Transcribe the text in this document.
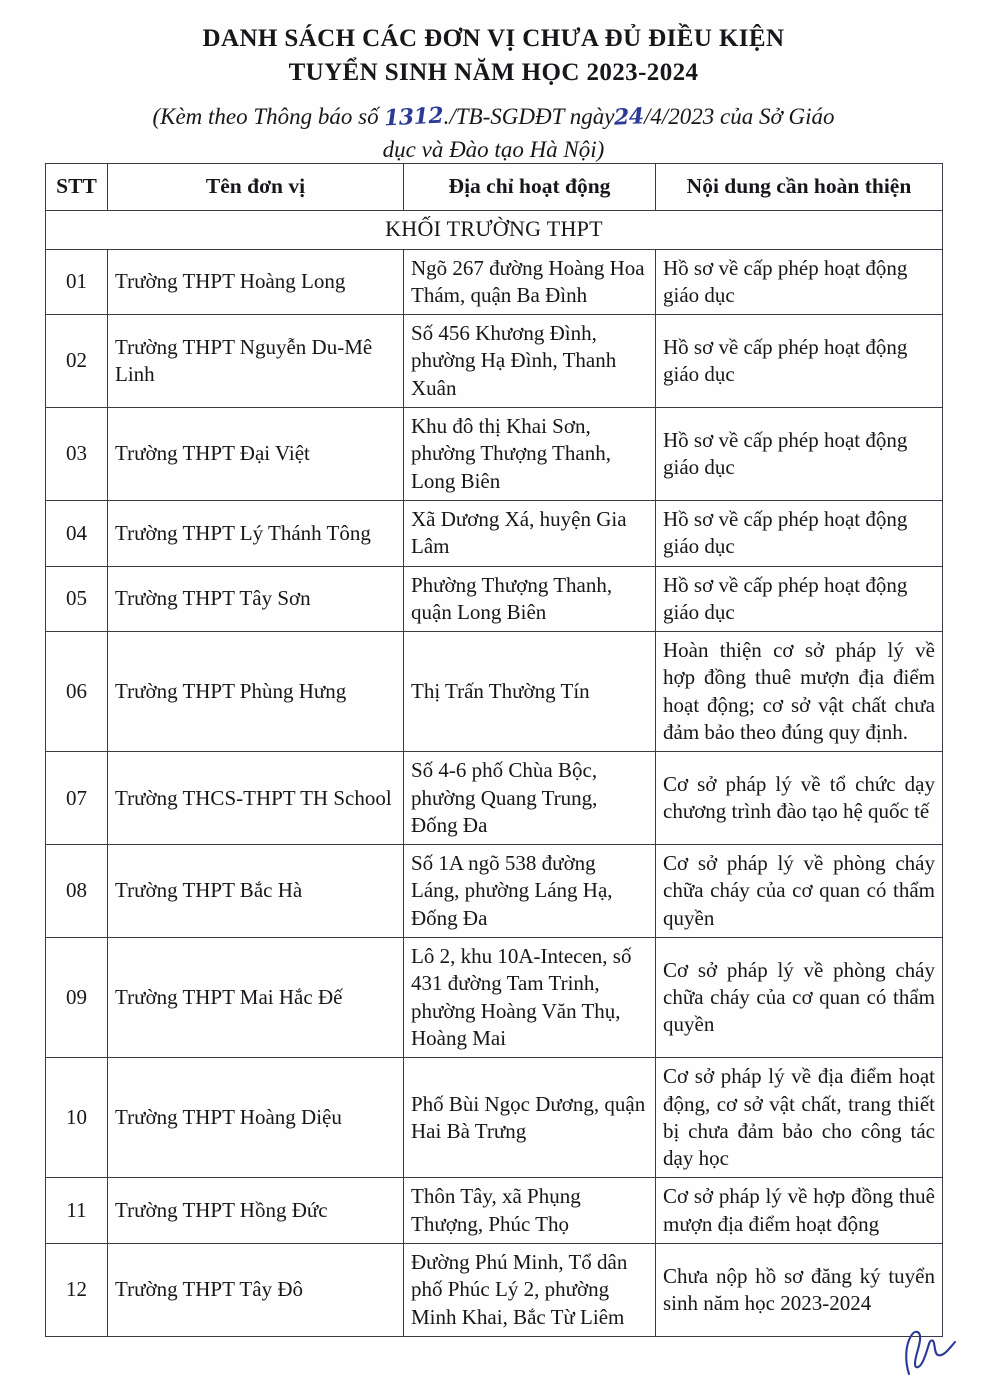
DANH SÁCH CÁC ĐƠN VỊ CHƯA ĐỦ ĐIỀU KIỆN
TUYỂN SINH NĂM HỌC 2023-2024
(Kèm theo Thông báo số 1312./TB-SGDĐT ngày24/4/2023 của Sở Giáo
dục và Đào tạo Hà Nội)
STT	Tên đơn vị	Địa chỉ hoạt động	Nội dung cần hoàn thiện
KHỐI TRƯỜNG THPT			
01	Trường THPT Hoàng Long	Ngõ 267 đường Hoàng Hoa Thám, quận Ba Đình	Hồ sơ về cấp phép hoạt động giáo dục
02	Trường THPT Nguyễn Du-Mê Linh	Số 456 Khương Đình, phường Hạ Đình, Thanh Xuân	Hồ sơ về cấp phép hoạt động giáo dục
03	Trường THPT Đại Việt	Khu đô thị Khai Sơn, phường Thượng Thanh, Long Biên	Hồ sơ về cấp phép hoạt động giáo dục
04	Trường THPT Lý Thánh Tông	Xã Dương Xá, huyện Gia Lâm	Hồ sơ về cấp phép hoạt động giáo dục
05	Trường THPT Tây Sơn	Phường Thượng Thanh, quận Long Biên	Hồ sơ về cấp phép hoạt động giáo dục
06	Trường THPT Phùng Hưng	Thị Trấn Thường Tín	Hoàn thiện cơ sở pháp lý về hợp đồng thuê mượn địa điểm hoạt động; cơ sở vật chất chưa đảm bảo theo đúng quy định.
07	Trường THCS-THPT TH School	Số 4-6 phố Chùa Bộc, phường Quang Trung, Đống Đa	Cơ sở pháp lý về tổ chức dạy chương trình đào tạo hệ quốc tế
08	Trường THPT Bắc Hà	Số 1A ngõ 538 đường Láng, phường Láng Hạ, Đống Đa	Cơ sở pháp lý về phòng cháy chữa cháy của cơ quan có thẩm quyền
09	Trường THPT Mai Hắc Đế	Lô 2, khu 10A-Intecen, số 431 đường Tam Trinh, phường Hoàng Văn Thụ, Hoàng Mai	Cơ sở pháp lý về phòng cháy chữa cháy của cơ quan có thẩm quyền
10	Trường THPT Hoàng Diệu	Phố Bùi Ngọc Dương, quận Hai Bà Trưng	Cơ sở pháp lý về địa điểm hoạt động, cơ sở vật chất, trang thiết bị chưa đảm bảo cho công tác dạy học
11	Trường THPT Hồng Đức	Thôn Tây, xã Phụng Thượng, Phúc Thọ	Cơ sở pháp lý về hợp đồng thuê mượn địa điểm hoạt động
12	Trường THPT Tây Đô	Đường Phú Minh, Tổ dân phố Phúc Lý 2, phường Minh Khai, Bắc Từ Liêm	Chưa nộp hồ sơ đăng ký tuyển sinh năm học 2023-2024
